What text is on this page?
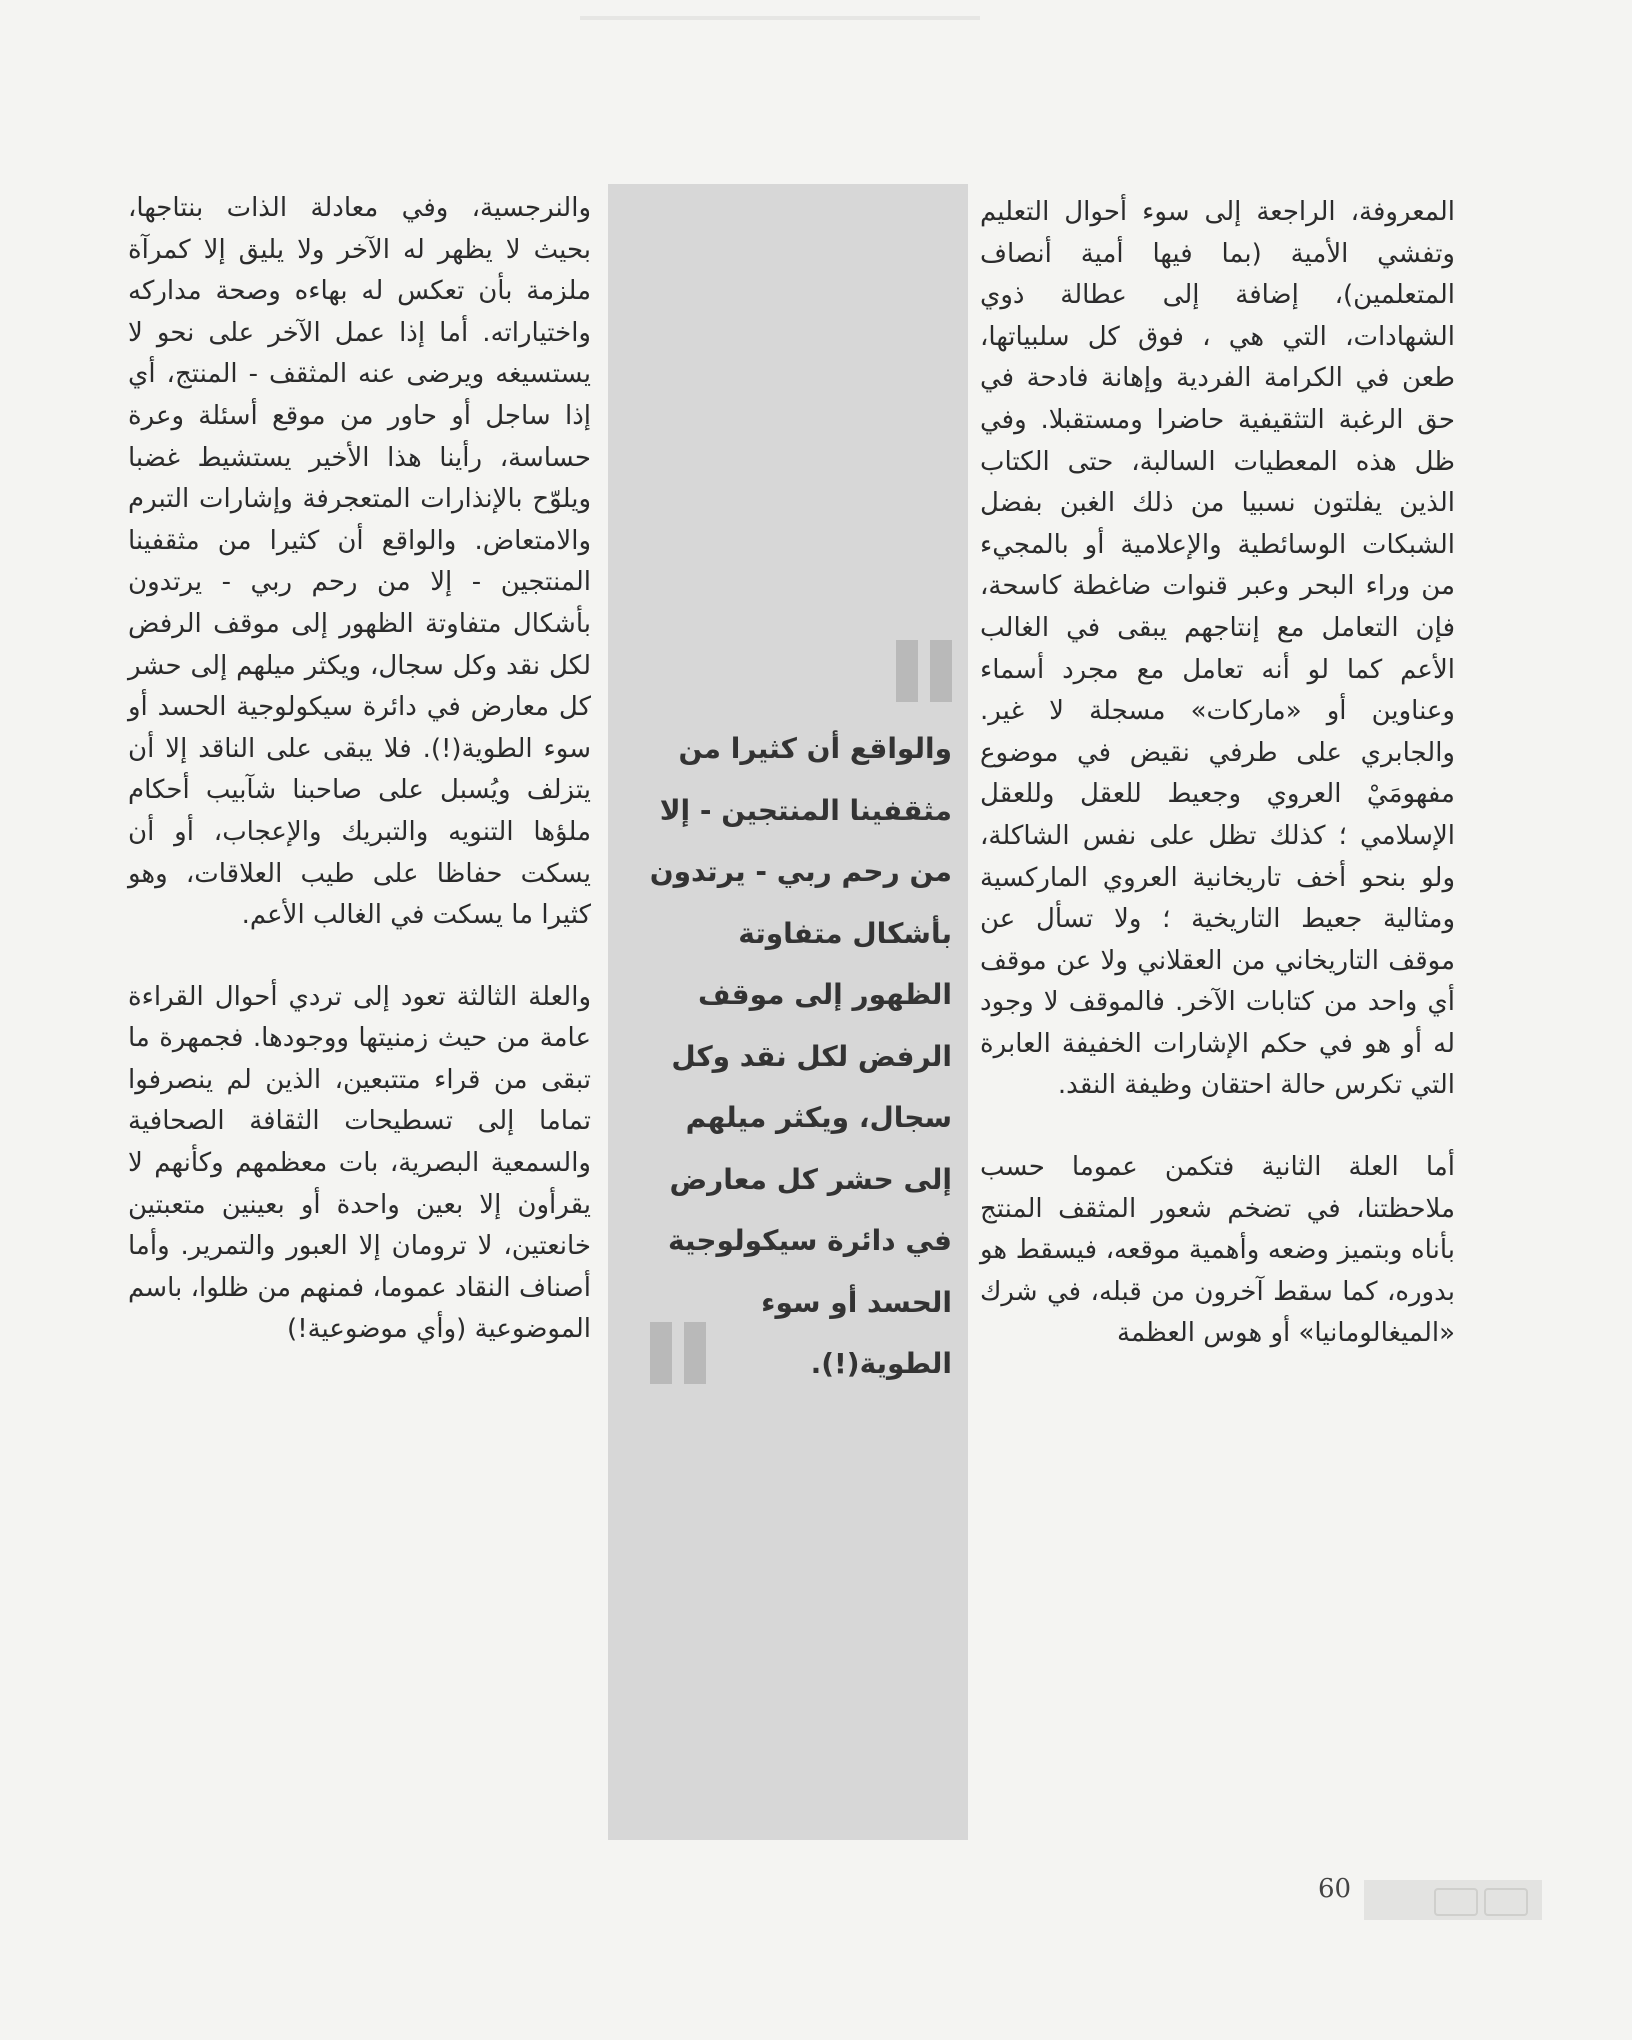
المعروفة، الراجعة إلى سوء أحوال التعليم وتفشي الأمية (بما فيها أمية أنصاف المتعلمين)، إضافة إلى عطالة ذوي الشهادات، التي هي ، فوق كل سلبياتها، طعن في الكرامة الفردية وإهانة فادحة في حق الرغبة التثقيفية حاضرا ومستقبلا. وفي ظل هذه المعطيات السالبة، حتى الكتاب الذين يفلتون نسبيا من ذلك الغبن بفضل الشبكات الوسائطية والإعلامية أو بالمجيء من وراء البحر وعبر قنوات ضاغطة كاسحة، فإن التعامل مع إنتاجهم يبقى في الغالب الأعم كما لو أنه تعامل مع مجرد أسماء وعناوين أو «ماركات» مسجلة لا غير. والجابري على طرفي نقيض في موضوع مفهومَيْ العروي وجعيط للعقل وللعقل الإسلامي ؛ كذلك تظل على نفس الشاكلة، ولو بنحو أخف تاريخانية العروي الماركسية ومثالية جعيط التاريخية ؛ ولا تسأل عن موقف التاريخاني من العقلاني ولا عن موقف أي واحد من كتابات الآخر. فالموقف لا وجود له أو هو في حكم الإشارات الخفيفة العابرة التي تكرس حالة احتقان وظيفة النقد.

أما العلة الثانية فتكمن عموما حسب ملاحظتنا، في تضخم شعور المثقف المنتج بأناه وبتميز وضعه وأهمية موقعه، فيسقط هو بدوره، كما سقط آخرون من قبله، في شرك «الميغالومانيا» أو هوس العظمة

والواقع أن كثيرا من مثقفينا المنتجين - إلا من رحم ربي - يرتدون بأشكال متفاوتة الظهور إلى موقف الرفض لكل نقد وكل سجال، ويكثر ميلهم إلى حشر كل معارض في دائرة سيكولوجية الحسد أو سوء الطوية(!).

والنرجسية، وفي معادلة الذات بنتاجها، بحيث لا يظهر له الآخر ولا يليق إلا كمرآة ملزمة بأن تعكس له بهاءه وصحة مداركه واختياراته. أما إذا عمل الآخر على نحو لا يستسيغه ويرضى عنه المثقف - المنتج، أي إذا ساجل أو حاور من موقع أسئلة وعرة حساسة، رأينا هذا الأخير يستشيط غضبا ويلوّح بالإنذارات المتعجرفة وإشارات التبرم والامتعاض. والواقع أن كثيرا من مثقفينا المنتجين - إلا من رحم ربي - يرتدون بأشكال متفاوتة الظهور إلى موقف الرفض لكل نقد وكل سجال، ويكثر ميلهم إلى حشر كل معارض في دائرة سيكولوجية الحسد أو سوء الطوية(!). فلا يبقى على الناقد إلا أن يتزلف ويُسبل على صاحبنا شآبيب أحكام ملؤها التنويه والتبريك والإعجاب، أو أن يسكت حفاظا على طيب العلاقات، وهو كثيرا ما يسكت في الغالب الأعم.

والعلة الثالثة تعود إلى تردي أحوال القراءة عامة من حيث زمنيتها ووجودها. فجمهرة ما تبقى من قراء متتبعين، الذين لم ينصرفوا تماما إلى تسطيحات الثقافة الصحافية والسمعية البصرية، بات معظمهم وكأنهم لا يقرأون إلا بعين واحدة أو بعينين متعبتين خانعتين، لا ترومان إلا العبور والتمرير. وأما أصناف النقاد عموما، فمنهم من ظلوا، باسم الموضوعية (وأي موضوعية!)

60
